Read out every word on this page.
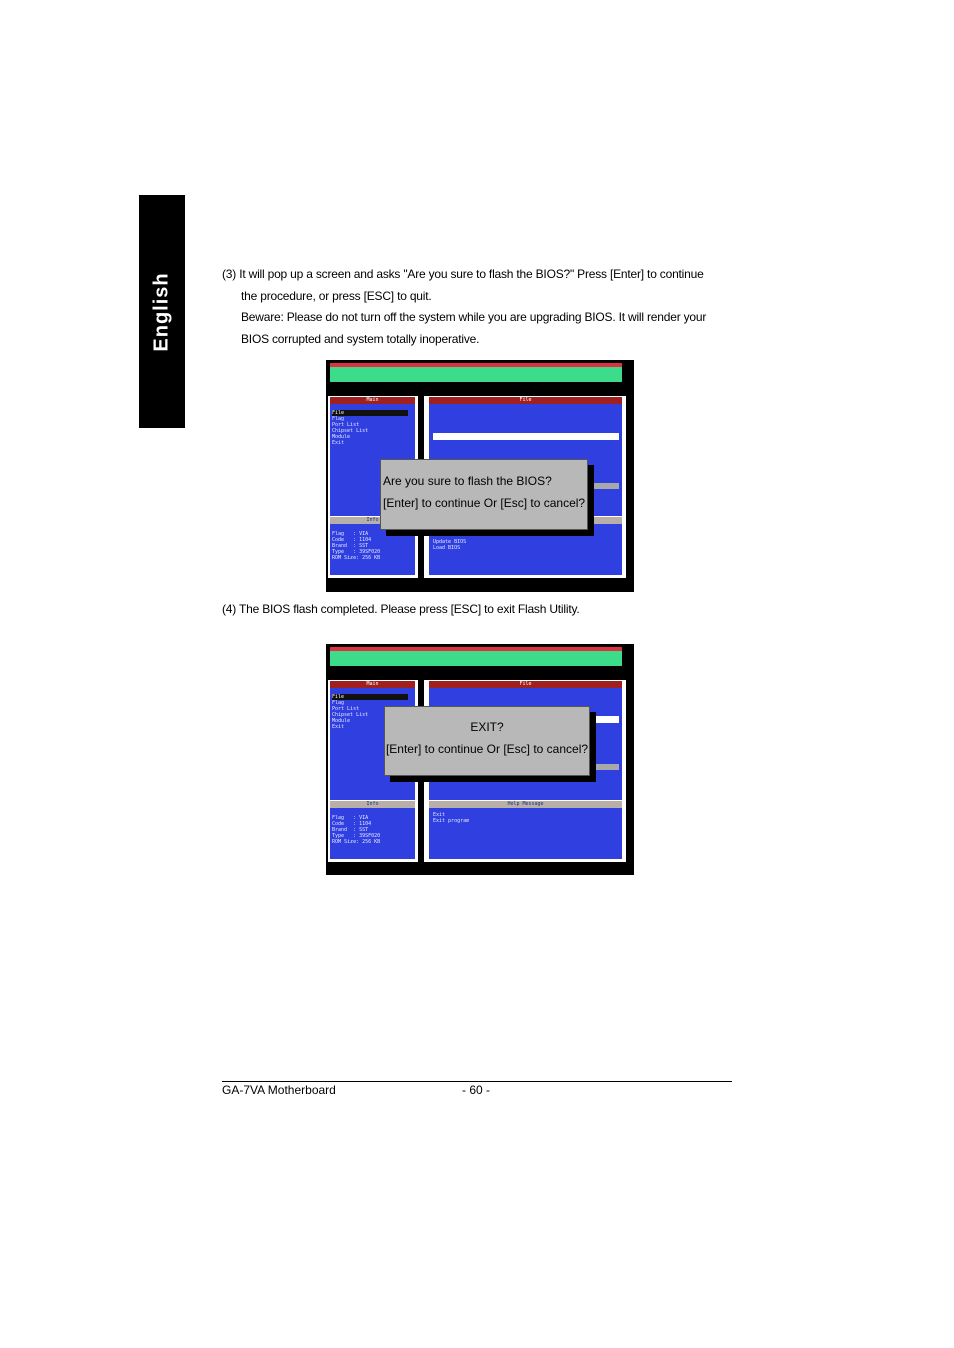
English	(3) It will pop up a screen and asks "Are you sure to flash the BIOS?" Press [Enter] to continue
the procedure, or press [ESC] to quit.
Beware: Please do not turn off the system while you are upgrading BIOS. It will render your
BIOS corrupted and system totally inoperative.
Main
File
Flag
Port List
Chipset List
Module
Exit
File
Info
Flag   : VIA
Code   : 1104
Brand  : SST
Type   : 39SF020
ROM Size: 256 KB
Update BIOS
Load BIOS
Are you sure to flash the BIOS?
[Enter] to continue Or [Esc] to cancel?
(4) The BIOS flash completed. Please press [ESC] to exit Flash Utility.
Main
File
Flag
Port List
Chipset List
Module
Exit
File
Info
Flag   : VIA
Code   : 1104
Brand  : SST
Type   : 39SF020
ROM Size: 256 KB
Help Message
Exit
Exit program
EXIT?
[Enter] to continue Or [Esc] to cancel?
GA-7VA Motherboard	- 60 -
